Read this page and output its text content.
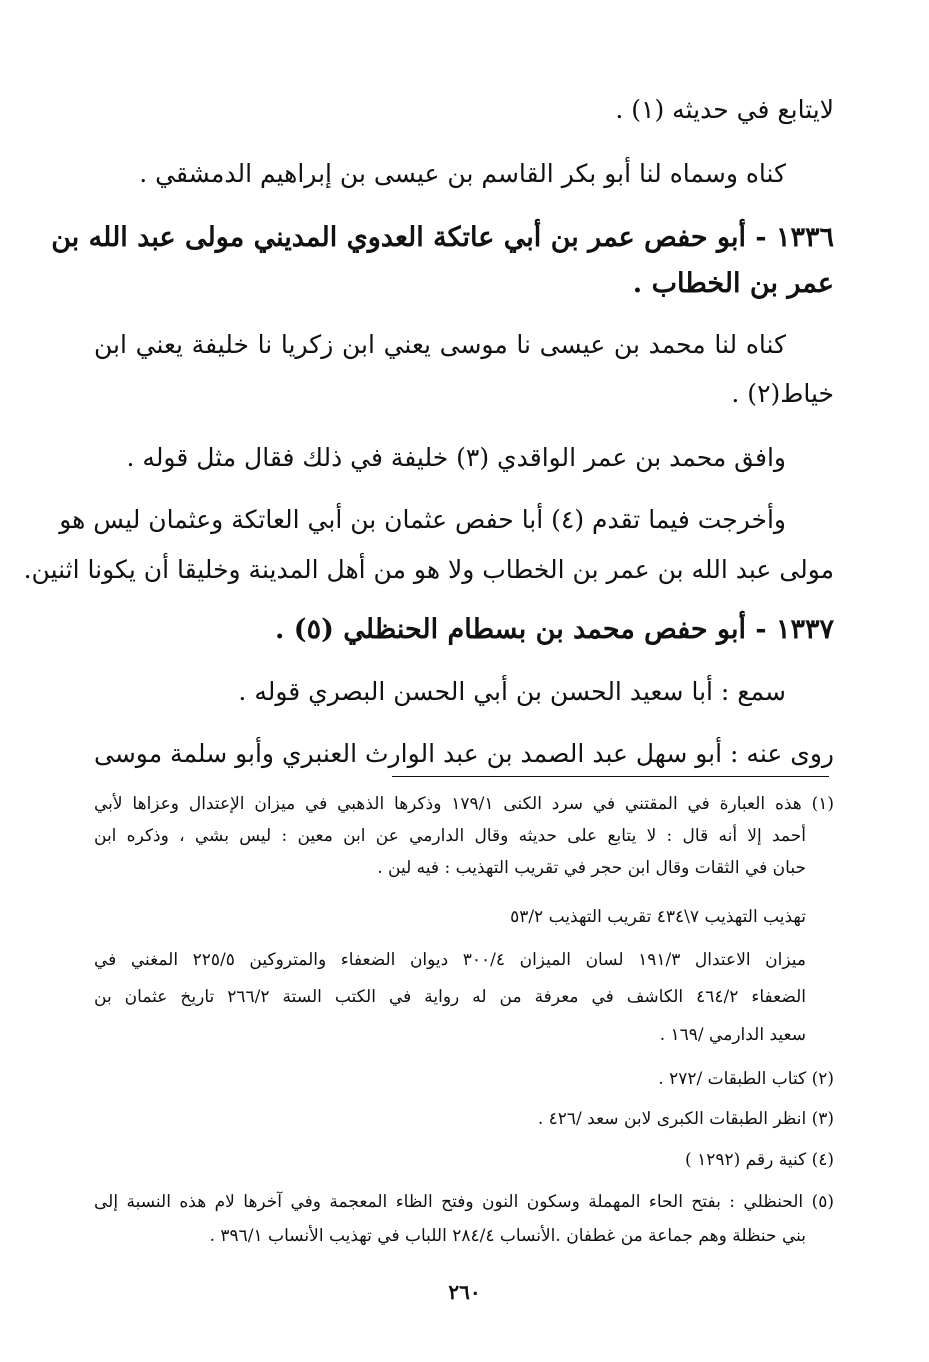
لايتابع في حديثه (١) .

كناه وسماه لنا أبو بكر القاسم بن عيسى بن إبراهيم الدمشقي .

١٣٣٦ - أبو حفص عمر بن أبي عاتكة العدوي المديني مولى عبد الله بن

عمر بن الخطاب .

كناه لنا محمد بن عيسى نا موسى يعني ابن زكريا نا خليفة يعني ابن

خياط(٢) .

وافق محمد بن عمر الواقدي (٣) خليفة في ذلك فقال مثل قوله .

وأخرجت فيما تقدم (٤) أبا حفص عثمان بن أبي العاتكة وعثمان ليس هو

مولى عبد الله بن عمر بن الخطاب ولا هو من أهل المدينة وخليقا أن يكونا اثنين.

١٣٣٧ - أبو حفص محمد بن بسطام الحنظلي (٥) .

سمع : أبا سعيد الحسن بن أبي الحسن البصري قوله .

روى عنه : أبو سهل عبد الصمد بن عبد الوارث العنبري وأبو سلمة موسى

(١) هذه العبارة في المقتني في سرد الكنى ١٧٩/١ وذكرها الذهبي في ميزان الإعتدال وعزاها لأبي

أحمد إلا أنه قال : لا يتابع على حديثه وقال الدارمي عن ابن معين : ليس بشي ، وذكره ابن

حبان في الثقات وقال ابن حجر في تقريب التهذيب : فيه لين .

تهذيب التهذيب ٧\٤٣٤ تقريب التهذيب ٥٣/٢

ميزان الاعتدال ١٩١/٣ لسان الميزان ٣٠٠/٤ ديوان الضعفاء والمتروكين ٢٢٥/٥ المغني في

الضعفاء ٤٦٤/٢ الكاشف في معرفة من له رواية في الكتب الستة ٢٦٦/٢ تاريخ عثمان بن

سعيد الدارمي /١٦٩ .

(٢) كتاب الطبقات /٢٧٢ .

(٣) انظر الطبقات الكبرى لابن سعد /٤٢٦ .

(٤) كنية رقم (١٢٩٢ )

(٥) الحنظلي : بفتح الحاء المهملة وسكون النون وفتح الظاء المعجمة وفي آخرها لام هذه النسبة إلى

بني حنظلة وهم جماعة من غطفان .الأنساب ٢٨٤/٤ اللباب في تهذيب الأنساب ٣٩٦/١ .

٢٦٠
